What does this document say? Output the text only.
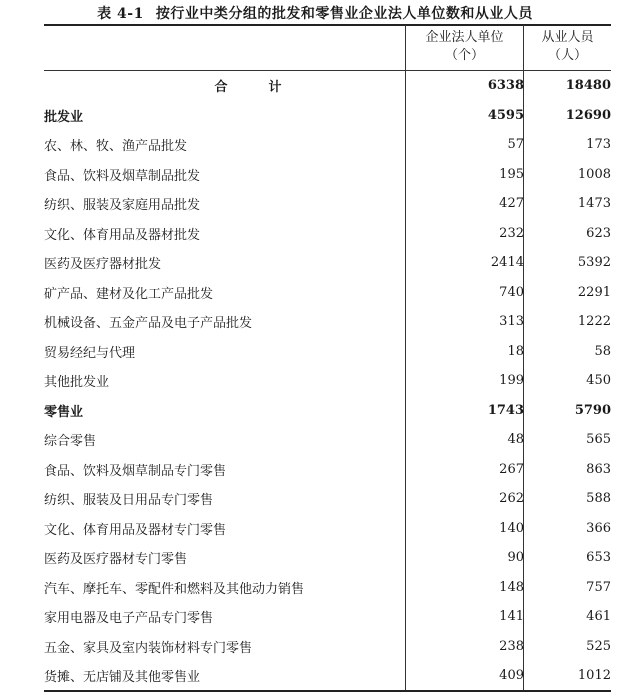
表 4-1 按行业中类分组的批发和零售业企业法人单位数和从业人员
企业法人单位
（个）
从业人员
（人）
合　计	6338	18480
批发业	4595	12690
农、林、牧、渔产品批发	57	173
食品、饮料及烟草制品批发	195	1008
纺织、服装及家庭用品批发	427	1473
文化、体育用品及器材批发	232	623
医药及医疗器材批发	2414	5392
矿产品、建材及化工产品批发	740	2291
机械设备、五金产品及电子产品批发	313	1222
贸易经纪与代理	18	58
其他批发业	199	450
零售业	1743	5790
综合零售	48	565
食品、饮料及烟草制品专门零售	267	863
纺织、服装及日用品专门零售	262	588
文化、体育用品及器材专门零售	140	366
医药及医疗器材专门零售	90	653
汽车、摩托车、零配件和燃料及其他动力销售	148	757
家用电器及电子产品专门零售	141	461
五金、家具及室内装饰材料专门零售	238	525
货摊、无店铺及其他零售业	409	1012
